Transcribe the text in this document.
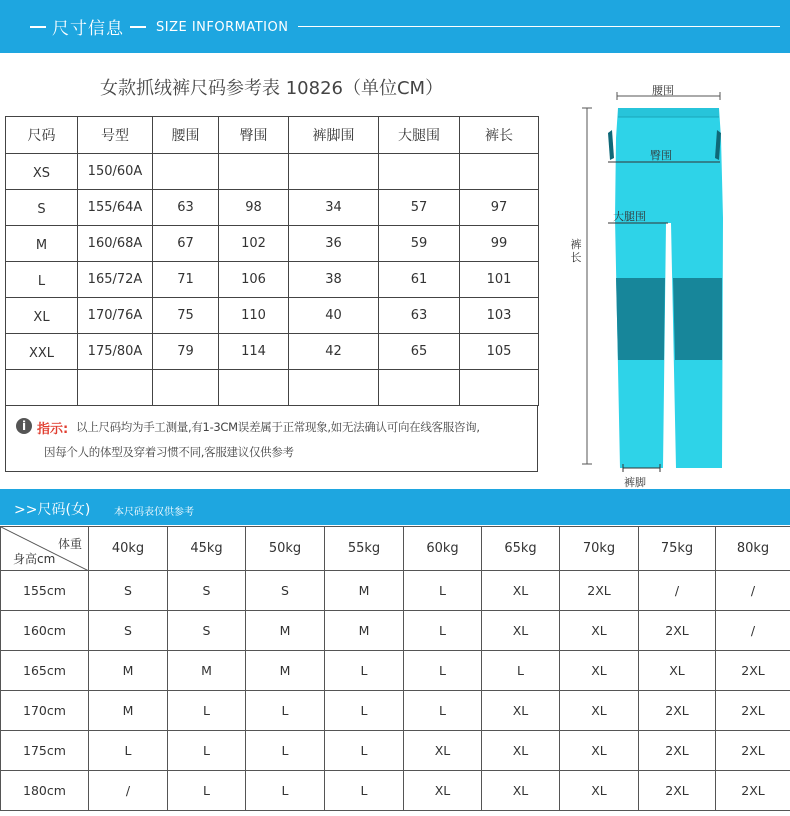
尺寸信息 SIZE INFORMATION
女款抓绒裤尺码参考表 10826（单位CM）
尺码	号型	腰围	臀围	裤脚围	大腿围	裤长
XS	150/60A					
S	155/64A	63	98	34	57	97
M	160/68A	67	102	36	59	99
L	165/72A	71	106	38	61	101
XL	170/76A	75	110	40	63	103
XXL	175/80A	79	114	42	65	105

i 指示: 以上尺码均为手工测量,有1-3CM误差属于正常现象,如无法确认可向在线客服咨询,
因每个人的体型及穿着习惯不同,客服建议仅供参考
腰围
臀围
大腿围
裤长
裤脚
>>尺码(女) 本尺码表仅供参考
体重
身高cm	40kg	45kg	50kg	55kg	60kg	65kg	70kg	75kg	80kg
155cm	S	S	S	M	L	XL	2XL	/	/
160cm	S	S	M	M	L	XL	XL	2XL	/
165cm	M	M	M	L	L	L	XL	XL	2XL
170cm	M	L	L	L	L	XL	XL	2XL	2XL
175cm	L	L	L	L	XL	XL	XL	2XL	2XL
180cm	/	L	L	L	XL	XL	XL	2XL	2XL
